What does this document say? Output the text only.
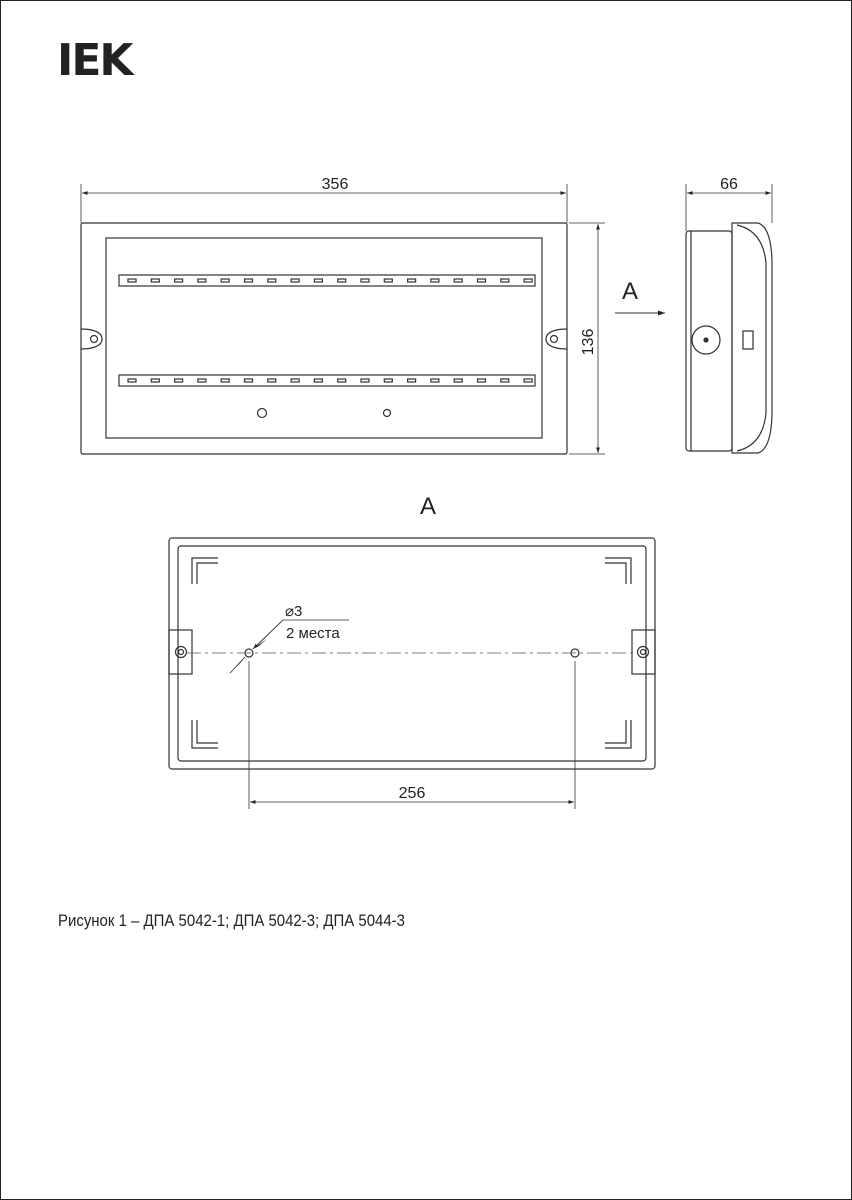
IEK
356
136
A
66
A
256
⌀3
2 места
Рисунок 1 – ДПА 5042-1; ДПА 5042-3; ДПА 5044-3
